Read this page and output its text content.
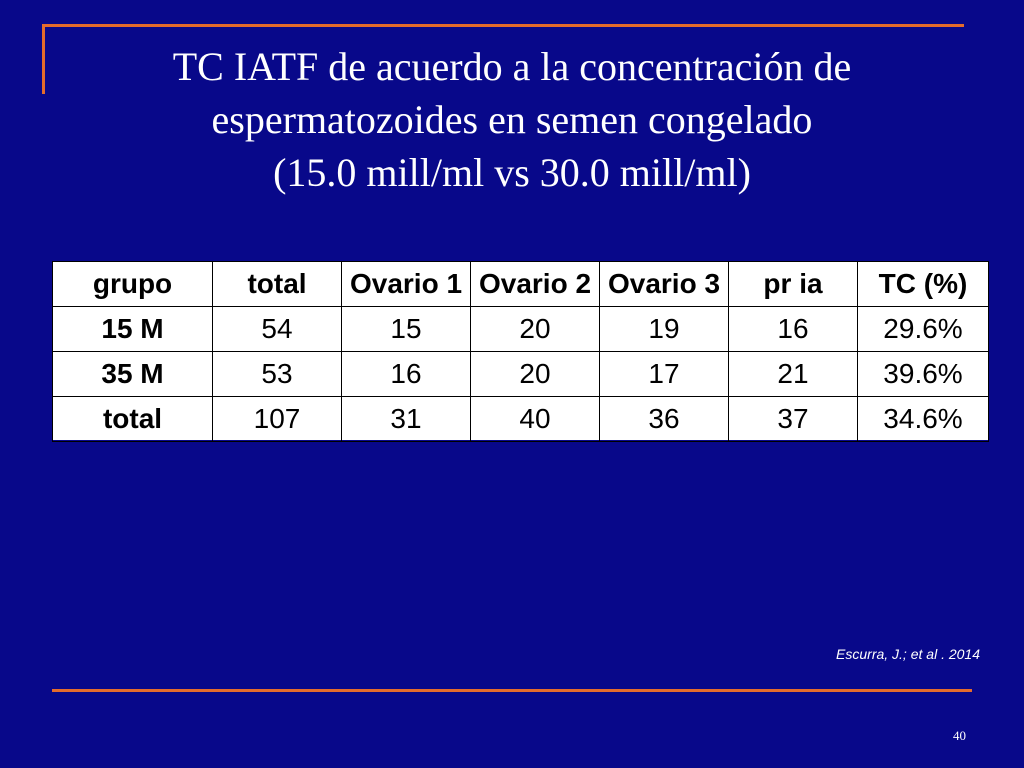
TC IATF de acuerdo a la concentración de
espermatozoides en semen congelado
(15.0 mill/ml vs 30.0 mill/ml)
grupo	total	Ovario 1	Ovario 2	Ovario 3	pr ia	TC (%)
15 M	54	15	20	19	16	29.6%
35 M	53	16	20	17	21	39.6%
total	107	31	40	36	37	34.6%
Escurra, J.; et al . 2014
40
